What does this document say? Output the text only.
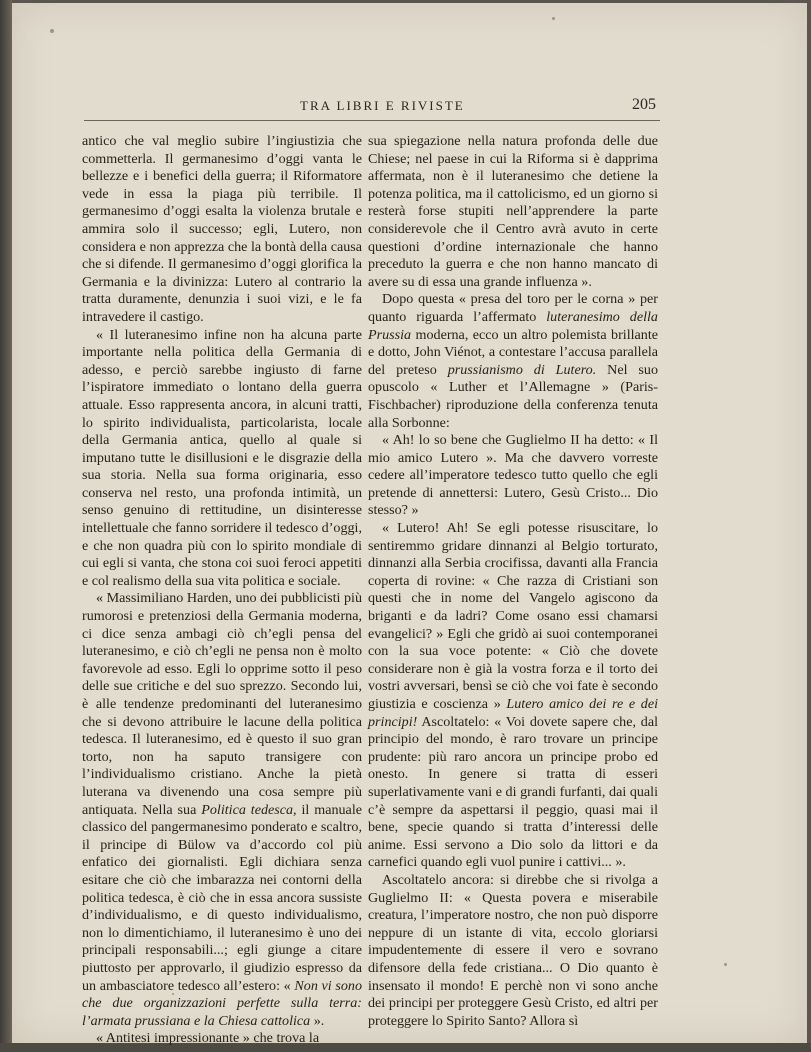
TRA LIBRI E RIVISTE	205

antico che val meglio subire l’ingiustizia che commetterla. Il germanesimo d’oggi vanta le bellezze e i benefici della guerra; il Riformatore vede in essa la piaga più terribile. Il germanesimo d’oggi esalta la violenza brutale e ammira solo il successo; egli, Lutero, non considera e non apprezza che la bontà della causa che si difende. Il germanesimo d’oggi glorifica la Germania e la divinizza: Lutero al contrario la tratta duramente, denunzia i suoi vizi, e le fa intravedere il castigo.

« Il luteranesimo infine non ha alcuna parte importante nella politica della Germania di adesso, e perciò sarebbe ingiusto di farne l’ispiratore immediato o lontano della guerra attuale. Esso rappresenta ancora, in alcuni tratti, lo spirito individualista, particolarista, locale della Germania antica, quello al quale si imputano tutte le disillusioni e le disgrazie della sua storia. Nella sua forma originaria, esso conserva nel resto, una profonda intimità, un senso genuino di rettitudine, un disinteresse intellettuale che fanno sorridere il tedesco d’oggi, e che non quadra più con lo spirito mondiale di cui egli si vanta, che stona coi suoi feroci appetiti e col realismo della sua vita politica e sociale.

« Massimiliano Harden, uno dei pubblicisti più rumorosi e pretenziosi della Germania moderna, ci dice senza ambagi ciò ch’egli pensa del luteranesimo, e ciò ch’egli ne pensa non è molto favorevole ad esso. Egli lo opprime sotto il peso delle sue critiche e del suo sprezzo. Secondo lui, è alle tendenze predominanti del luteranesimo che si devono attribuire le lacune della politica tedesca. Il luteranesimo, ed è questo il suo gran torto, non ha saputo transigere con l’individualismo cristiano. Anche la pietà luterana va divenendo una cosa sempre più antiquata. Nella sua Politica tedesca, il manuale classico del pangermanesimo ponderato e scaltro, il principe di Bülow va d’accordo col più enfatico dei giornalisti. Egli dichiara senza esitare che ciò che imbarazza nei contorni della politica tedesca, è ciò che in essa ancora sussiste d’individualismo, e di questo individualismo, non lo dimentichiamo, il luteranesimo è uno dei principali responsabili...; egli giunge a citare piuttosto per approvarlo, il giudizio espresso da un ambasciatore tedesco all’estero: « Non vi sono che due organizzazioni perfette sulla terra: l’armata prussiana e la Chiesa cattolica ».

« Antitesi impressionante » che trova la

sua spiegazione nella natura profonda delle due Chiese; nel paese in cui la Riforma si è dapprima affermata, non è il luteranesimo che detiene la potenza politica, ma il cattolicismo, ed un giorno si resterà forse stupiti nell’apprendere la parte considerevole che il Centro avrà avuto in certe questioni d’ordine internazionale che hanno preceduto la guerra e che non hanno mancato di avere su di essa una grande influenza ».

Dopo questa « presa del toro per le corna » per quanto riguarda l’affermato luteranesimo della Prussia moderna, ecco un altro polemista brillante e dotto, John Viénot, a contestare l’accusa parallela del preteso prussianismo di Lutero. Nel suo opuscolo « Luther et l’Allemagne » (Paris-Fischbacher) riproduzione della conferenza tenuta alla Sorbonne:

« Ah! lo so bene che Guglielmo II ha detto: « Il mio amico Lutero ». Ma che davvero vorreste cedere all’imperatore tedesco tutto quello che egli pretende di annettersi: Lutero, Gesù Cristo... Dio stesso? »

« Lutero! Ah! Se egli potesse risuscitare, lo sentiremmo gridare dinnanzi al Belgio torturato, dinnanzi alla Serbia crocifissa, davanti alla Francia coperta di rovine: « Che razza di Cristiani son questi che in nome del Vangelo agiscono da briganti e da ladri? Come osano essi chamarsi evangelici? » Egli che gridò ai suoi contemporanei con la sua voce potente: « Ciò che dovete considerare non è già la vostra forza e il torto dei vostri avversari, bensì se ciò che voi fate è secondo giustizia e coscienza » Lutero amico dei re e dei principi! Ascoltatelo: « Voi dovete sapere che, dal principio del mondo, è raro trovare un principe prudente: più raro ancora un principe probo ed onesto. In genere si tratta di esseri superlativamente vani e di grandi furfanti, dai quali c’è sempre da aspettarsi il peggio, quasi mai il bene, specie quando si tratta d’interessi delle anime. Essi servono a Dio solo da littori e da carnefici quando egli vuol punire i cattivi... ».

Ascoltatelo ancora: si direbbe che si rivolga a Guglielmo II: « Questa povera e miserabile creatura, l’imperatore nostro, che non può disporre neppure di un istante di vita, eccolo gloriarsi impudentemente di essere il vero e sovrano difensore della fede cristiana... O Dio quanto è insensato il mondo! E perchè non vi sono anche dei principi per proteggere Gesù Cristo, ed altri per proteggere lo Spirito Santo? Allora sì
